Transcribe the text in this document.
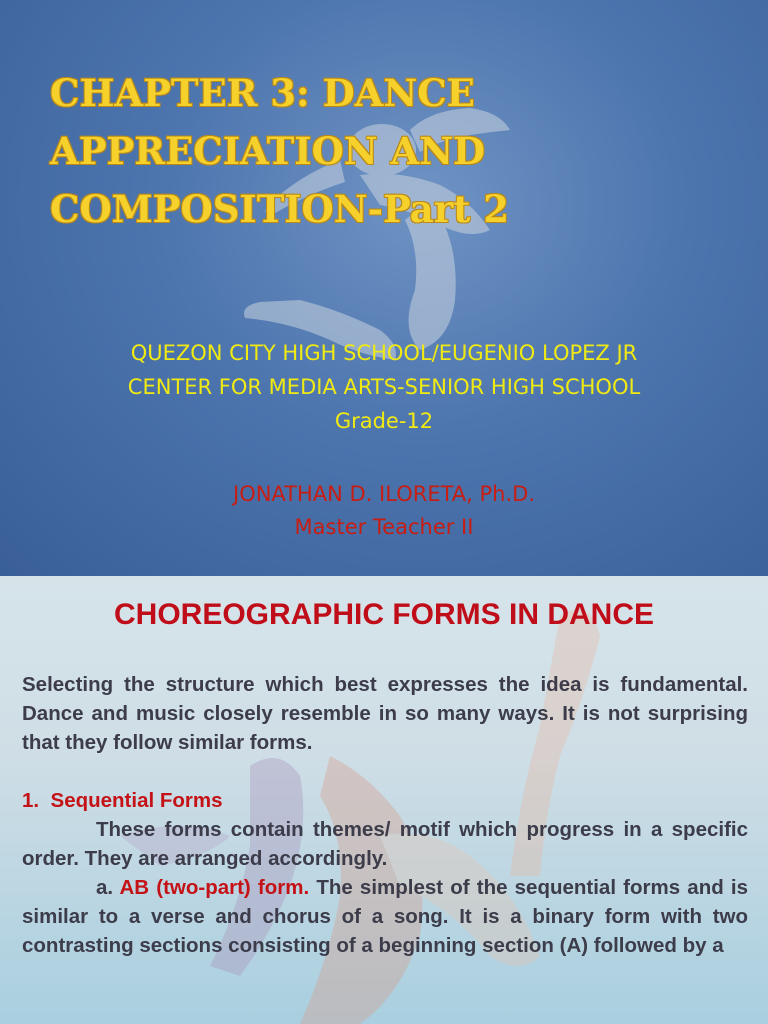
CHAPTER 3: DANCE
APPRECIATION AND
COMPOSITION-Part 2
QUEZON CITY HIGH SCHOOL/EUGENIO LOPEZ JR
CENTER FOR MEDIA ARTS-SENIOR HIGH SCHOOL
Grade-12
JONATHAN D. ILORETA, Ph.D.
Master Teacher II
CHOREOGRAPHIC FORMS IN DANCE

Selecting the structure which best expresses the idea is fundamental. Dance and music closely resemble in so many ways. It is not surprising that they follow similar forms.

1. Sequential Forms

These forms contain themes/ motif which progress in a specific order. They are arranged accordingly.

a. AB (two-part) form. The simplest of the sequential forms and is similar to a verse and chorus of a song. It is a binary form with two contrasting sections consisting of a beginning section (A) followed by a
